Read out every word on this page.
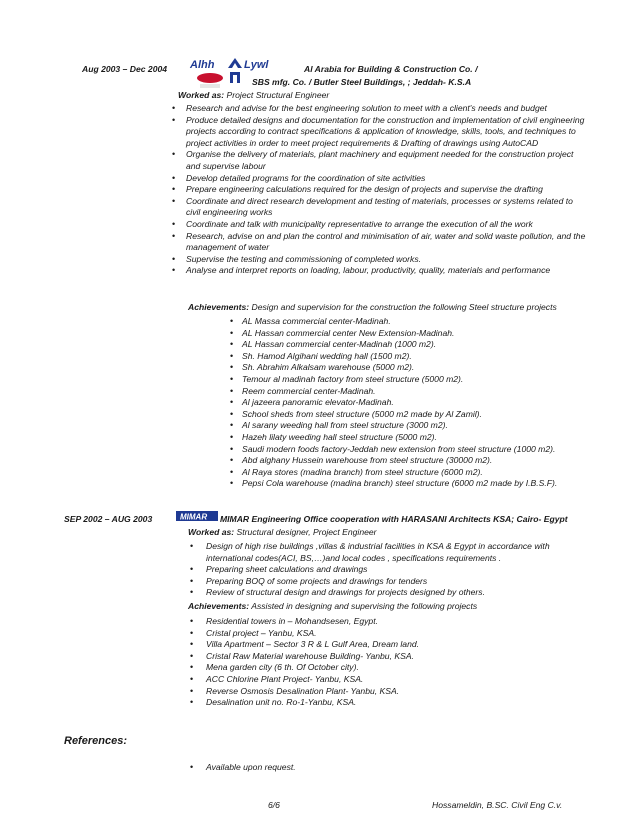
Aug 2003 – Dec 2004 Alhh	Lywl	Al Arabia for Building & Construction Co. /
SBS mfg. Co. / Butler Steel Buildings, ; Jeddah- K.S.A
Worked as: Project Structural Engineer
• Research and advise for the best engineering solution to meet with a client's needs and budget
• Produce detailed designs and documentation for the construction and implementation of civil engineering projects according to contract specifications & application of knowledge, skills, tools, and techniques to project activities in order to meet project requirements & Drafting of drawings using AutoCAD
• Organise the delivery of materials, plant machinery and equipment needed for the construction project and supervise labour
• Develop detailed programs for the coordination of site activities
• Prepare engineering calculations required for the design of projects and supervise the drafting
• Coordinate and direct research development and testing of materials, processes or systems related to civil engineering works
• Coordinate and talk with municipality representative to arrange the execution of all the work
• Research, advise on and plan the control and minimisation of air, water and solid waste pollution, and the management of water
• Supervise the testing and commissioning of completed works.
• Analyse and interpret reports on loading, labour, productivity, quality, materials and performance
Achievements: Design and supervision for the construction the following Steel structure projects
• AL Massa commercial center-Madinah.
• AL Hassan commercial center New Extension-Madinah.
• AL Hassan commercial center-Madinah (1000 m2).
• Sh. Hamod Algihani wedding hall (1500 m2).
• Sh. Abrahim Alkalsam warehouse (5000 m2).
• Temour al madinah factory from steel structure (5000 m2).
• Reem commercial center-Madinah.
• Al jazeera panoramic elevator-Madinah.
• School sheds from steel structure (5000 m2 made by Al Zamil).
• Al sarany weeding hall from steel structure (3000 m2).
• Hazeh lilaty weeding hall steel structure (5000 m2).
• Saudi modern foods factory-Jeddah new extension from steel structure (1000 m2).
• Abd alghany Hussein warehouse from steel structure (30000 m2).
• Al Raya stores (madina branch) from steel structure (6000 m2).
• Pepsi Cola warehouse (madina branch) steel structure (6000 m2 made by I.B.S.F).
SEP 2002 – AUG 2003	MIMAR MIMAR Engineering Office cooperation with HARASANI Architects KSA; Cairo- Egypt
Worked as: Structural designer, Project Engineer
• Design of high rise buildings ,villas & industrial facilities in KSA & Egypt in accordance with international codes(ACI, BS,…)and local codes , specifications requirements .
• Preparing sheet calculations and drawings
• Preparing BOQ of some projects and drawings for tenders
• Review of structural design and drawings for projects designed by others.
Achievements: Assisted in designing and supervising the following projects
• Residential towers in – Mohandsesen, Egypt.
• Cristal project – Yanbu, KSA.
• Villa Apartment – Sector 3 R & L Gulf Area, Dream land.
• Cristal Raw Material warehouse Building- Yanbu, KSA.
• Mena garden city (6 th. Of October city).
• ACC Chlorine Plant Project- Yanbu, KSA.
• Reverse Osmosis Desalination Plant- Yanbu, KSA.
• Desalination unit no. Ro-1-Yanbu, KSA.
References:
• Available upon request.
6/6	Hossameldin, B.SC. Civil Eng C.v.
